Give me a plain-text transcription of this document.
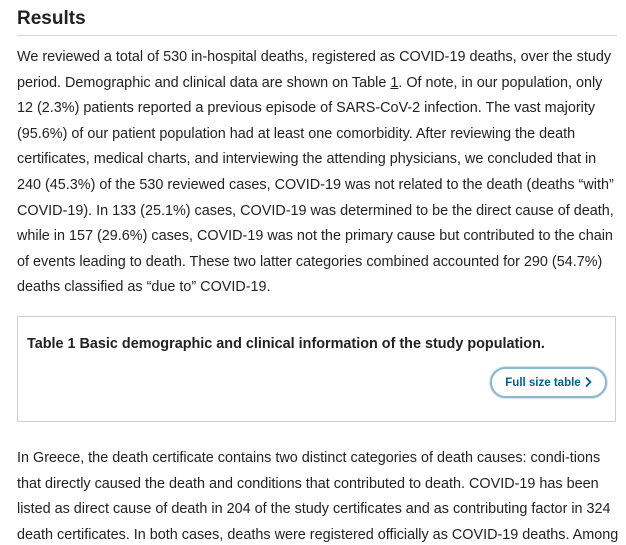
Results

We reviewed a total of 530 in-hospital deaths, registered as COVID-19 deaths, over the study period. Demographic and clinical data are shown on Table 1. Of note, in our population, only 12 (2.3%) patients reported a previous episode of SARS-CoV-2 infection. The vast majority (95.6%) of our patient population had at least one comorbidity. After reviewing the death certificates, medical charts, and interviewing the attending physicians, we concluded that in 240 (45.3%) of the 530 reviewed cases, COVID-19 was not related to the death (deaths “with” COVID-19). In 133 (25.1%) cases, COVID-19 was determined to be the direct cause of death, while in 157 (29.6%) cases, COVID-19 was not the primary cause but contributed to the chain of events leading to death. These two latter categories combined accounted for 290 (54.7%) deaths classified as “due to” COVID-19.

Table 1 Basic demographic and clinical information of the study population.

Full size table

In Greece, the death certificate contains two distinct categories of death causes: condi-tions that directly caused the death and conditions that contributed to death. COVID-19 has been listed as direct cause of death in 204 of the study certificates and as contributing factor in 324 death certificates. In both cases, deaths were registered officially as COVID-19 deaths. Among
